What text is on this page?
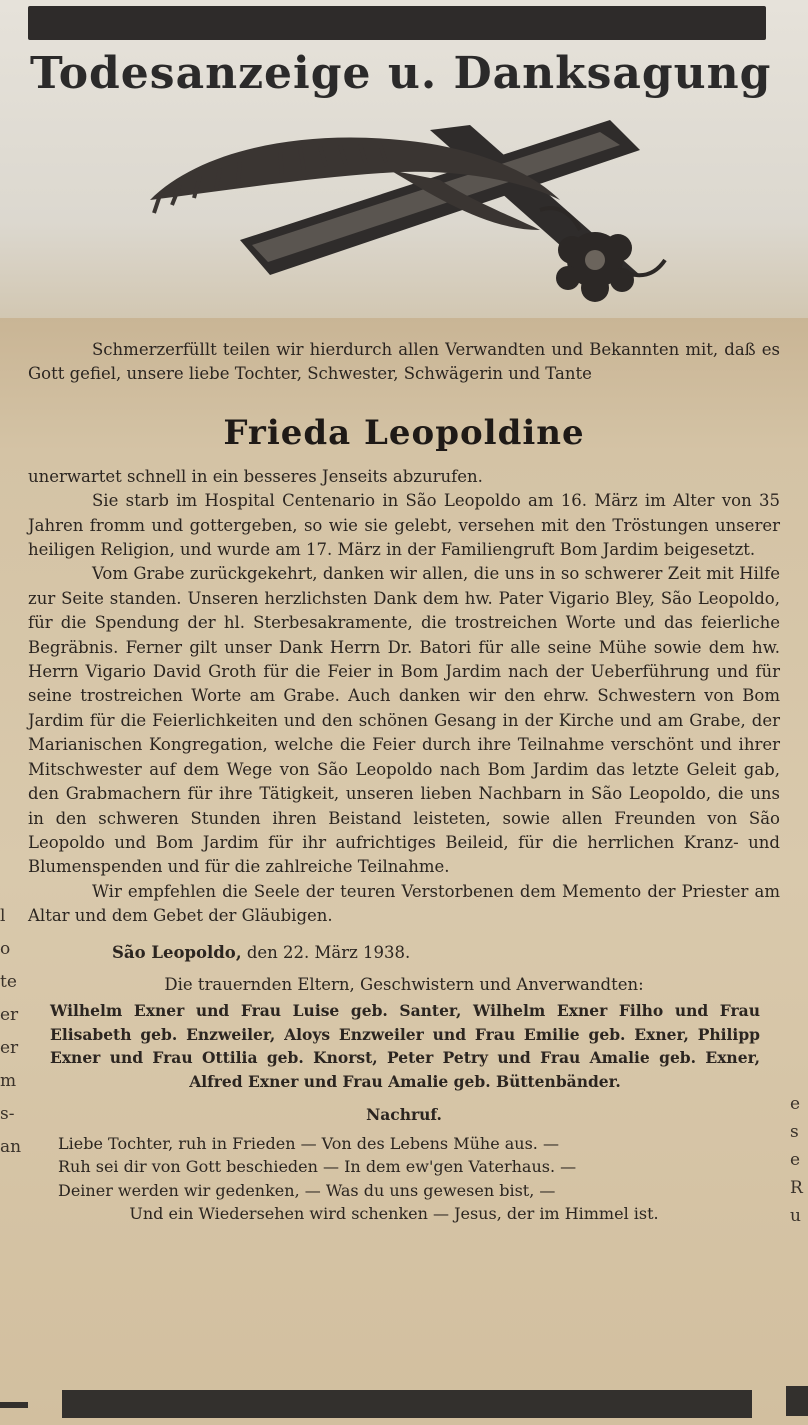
Todesanzeige u. Danksagung

Schmerzerfüllt teilen wir hierdurch allen Verwandten und Bekannten mit, daß es Gott gefiel, unsere liebe Tochter, Schwester, Schwägerin und Tante

Frieda Leopoldine

unerwartet schnell in ein besseres Jenseits abzurufen.

Sie starb im Hospital Centenario in São Leopoldo am 16. März im Alter von 35 Jahren fromm und gottergeben, so wie sie gelebt, versehen mit den Tröstungen unserer heiligen Religion, und wurde am 17. März in der Familiengruft Bom Jardim beigesetzt.

Vom Grabe zurückgekehrt, danken wir allen, die uns in so schwerer Zeit mit Hilfe zur Seite standen. Unseren herzlichsten Dank dem hw. Pater Vigario Bley, São Leopoldo, für die Spendung der hl. Sterbesakramente, die trostreichen Worte und das feierliche Begräbnis. Ferner gilt unser Dank Herrn Dr. Batori für alle seine Mühe sowie dem hw. Herrn Vigario David Groth für die Feier in Bom Jardim nach der Ueberführung und für seine trostreichen Worte am Grabe. Auch danken wir den ehrw. Schwestern von Bom Jardim für die Feierlichkeiten und den schönen Gesang in der Kirche und am Grabe, der Marianischen Kongregation, welche die Feier durch ihre Teilnahme verschönt und ihrer Mitschwester auf dem Wege von São Leopoldo nach Bom Jardim das letzte Geleit gab, den Grabmachern für ihre Tätigkeit, unseren lieben Nachbarn in São Leopoldo, die uns in den schweren Stunden ihren Beistand leisteten, sowie allen Freunden von São Leopoldo und Bom Jardim für ihr aufrichtiges Beileid, für die herrlichen Kranz- und Blumenspenden und für die zahlreiche Teilnahme.

Wir empfehlen die Seele der teuren Verstorbenen dem Memento der Priester am Altar und dem Gebet der Gläubigen.

São Leopoldo, den 22. März 1938.
Die trauernden Eltern, Geschwistern und Anverwandten:
Wilhelm Exner und Frau Luise geb. Santer, Wilhelm Exner Filho und Frau Elisabeth geb. Enzweiler, Aloys Enzweiler und Frau Emilie geb. Exner, Philipp Exner und Frau Ottilia geb. Knorst, Peter Petry und Frau Amalie geb. Exner, Alfred Exner und Frau Amalie geb. Büttenbänder.
Nachruf.
Liebe Tochter, ruh in Frieden — Von des Lebens Mühe aus. —
Ruh sei dir von Gott beschieden — In dem ew'gen Vaterhaus. —
Deiner werden wir gedenken, — Was du uns gewesen bist, —
Und ein Wiedersehen wird schenken — Jesus, der im Himmel ist.
l
o
te
er
er
m
s-
an
e
s
e
R
u
